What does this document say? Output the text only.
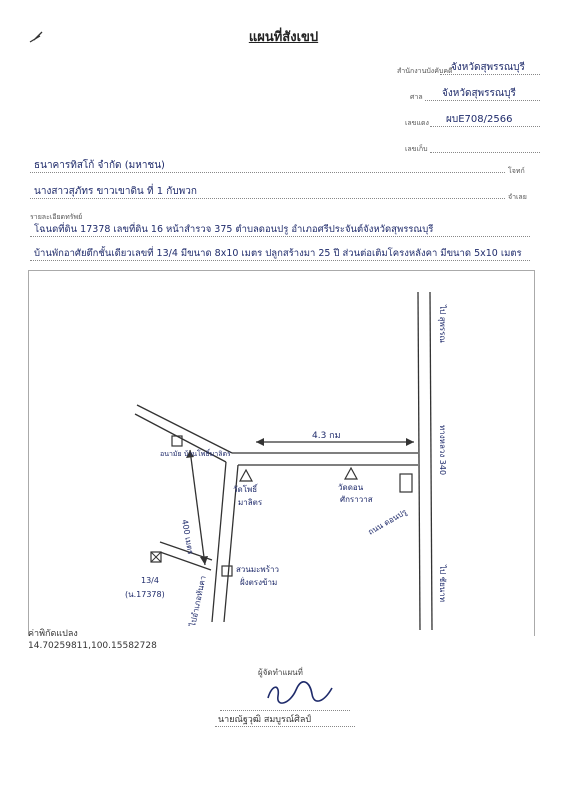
แผนที่สังเขป
สำนักงานบังคับคดี
จังหวัดสุพรรณบุรี
ศาล จังหวัดสุพรรณบุรี
เลขแดง ผบE708/2566
เลขเก็บ
ธนาคารทิสโก้ จำกัด (มหาชน)	โจทก์
นางสาวสุภัทร ขาวเขาดิน ที่ 1 กับพวก	จำเลย
รายละเอียดทรัพย์
โฉนดที่ดิน 17378 เลขที่ดิน 16 หน้าสำรวจ 375 ตำบลดอนปรู อำเภอศรีประจันต์จังหวัดสุพรรณบุรี
บ้านพักอาศัยตึกชั้นเดียวเลขที่ 13/4 มีขนาด 8x10 เมตร ปลูกสร้างมา 25 ปี ส่วนต่อเติมโครงหลังคา มีขนาด 5x10 เมตร
ไป สุพรรณ
ทางหลวง 340
ไป ชัยนาท
4.3 กม
วัดโพธิ์
มาลิตร
วัดดอน
ศักราวาส
ถนน ดอนปรู
อนามัย บ้านโพธิ์มาลิตร
400 เมตร
สวนมะพร้าว
ฝั่งตรงข้าม
ไปอำเภอหันคา
13/4
(น.17378)
ค่าพิกัดแปลง
14.70259811,100.15582728
ผู้จัดทำแผนที่
นายณัฐวุฒิ สมบูรณ์ศิลป์
